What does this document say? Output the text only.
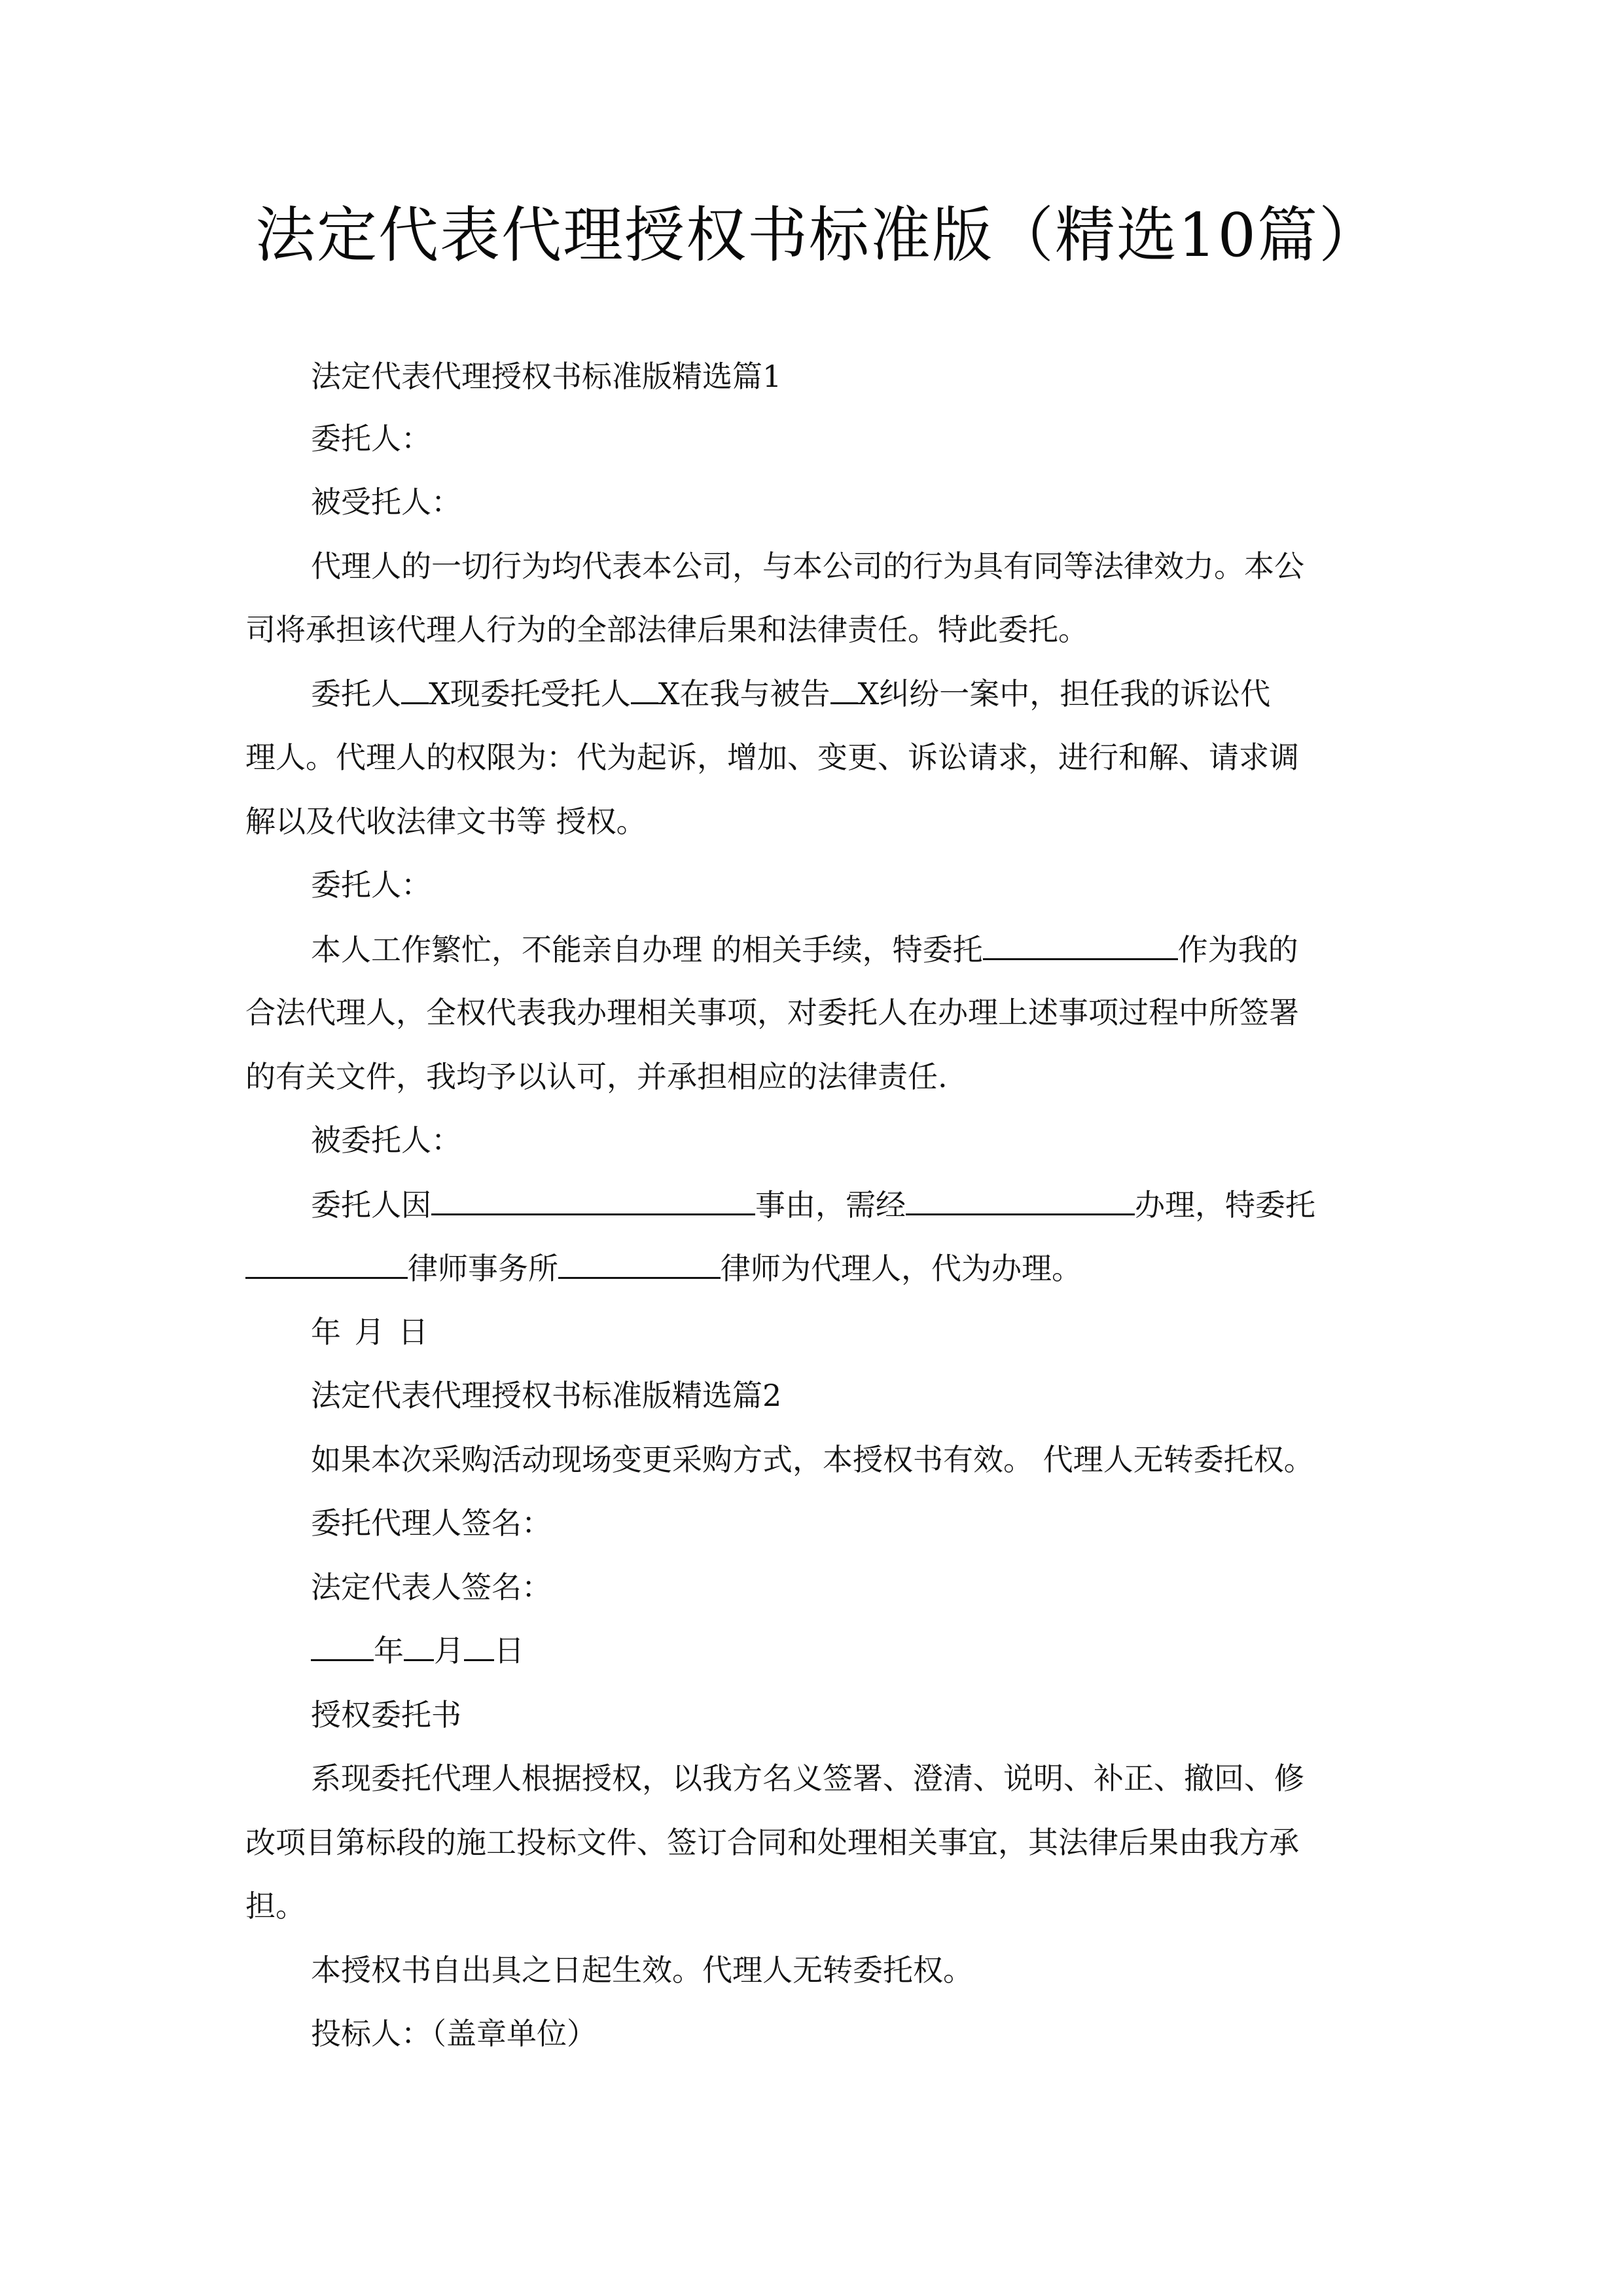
法定代表代理授权书标准版（精选10篇）
法定代表代理授权书标准版精选篇1
委托人：
被受托人：
代理人的一切行为均代表本公司，与本公司的行为具有同等法律效力。本公
司将承担该代理人行为的全部法律后果和法律责任。特此委托。
委托人 X现委托受托人 X在我与被告 X纠纷一案中，担任我的诉讼代
理人。代理人的权限为：代为起诉，增加、变更、诉讼请求，进行和解、请求调
解以及代收法律文书等 授权。
委托人：
本人工作繁忙，不能亲自办理 的相关手续，特委托	作为我的
合法代理人，全权代表我办理相关事项，对委托人在办理上述事项过程中所签署
的有关文件，我均予以认可，并承担相应的法律责任.
被委托人：
委托人因	事由，需经	办理，特委托
律师事务所	律师为代理人，代为办理。
年 月 日
法定代表代理授权书标准版精选篇2
如果本次采购活动现场变更采购方式，本授权书有效。 代理人无转委托权。
委托代理人签名：
法定代表人签名：
年 月 日
授权委托书
系现委托代理人根据授权，以我方名义签署、澄清、说明、补正、撤回、修
改项目第标段的施工投标文件、签订合同和处理相关事宜，其法律后果由我方承
担。
本授权书自出具之日起生效。代理人无转委托权。
投标人：（盖章单位）
